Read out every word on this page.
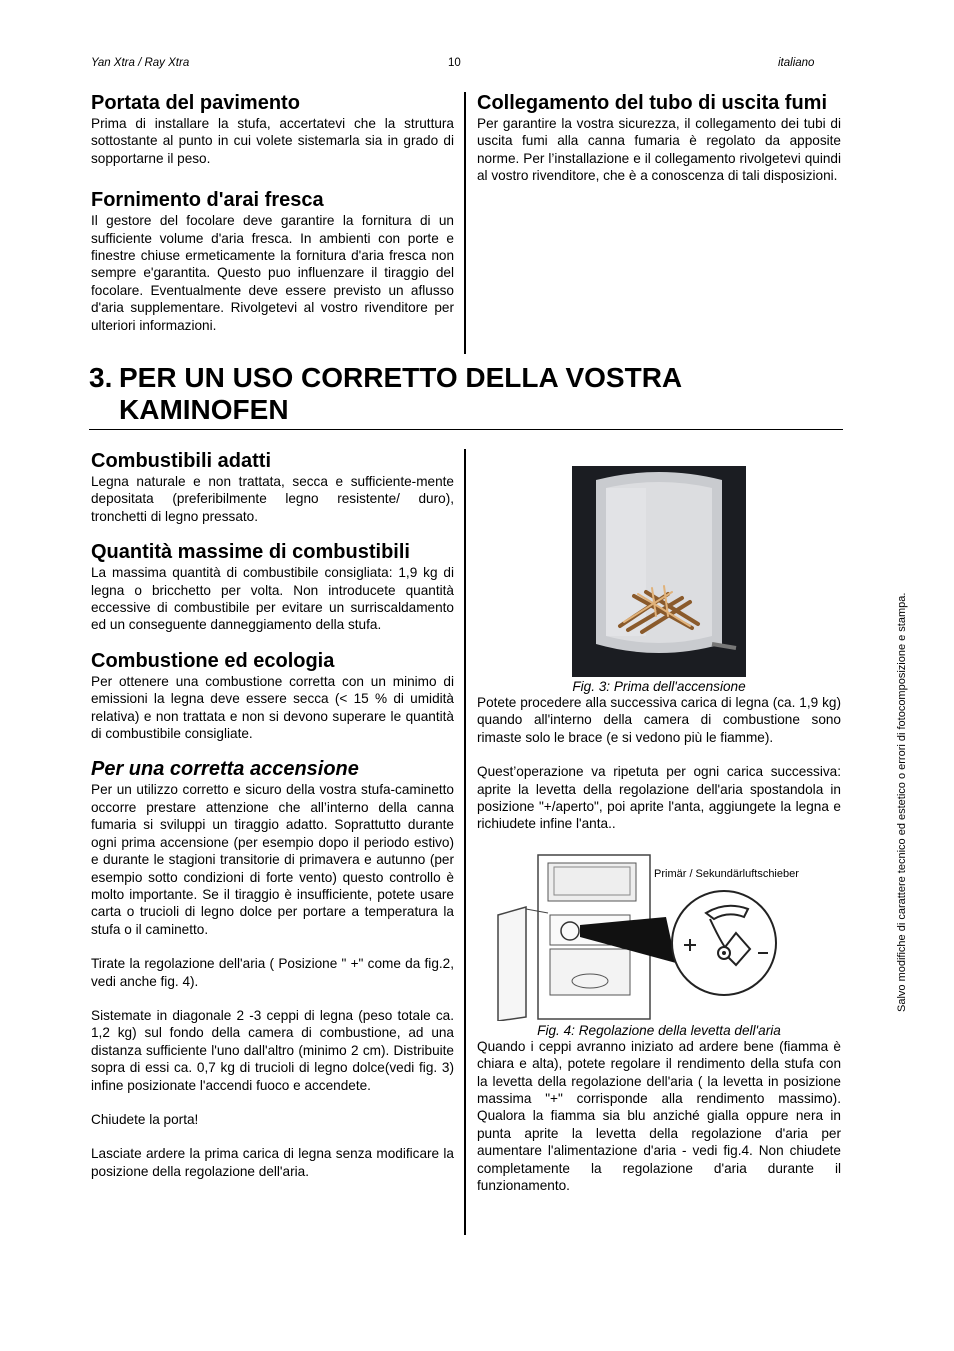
Yan Xtra / Ray Xtra	10	italiano
Portata del pavimento

Prima di installare la stufa, accertatevi che la struttura sottostante al punto in cui volete sistemarla sia in grado di sopportarne il peso.

Fornimento d'arai fresca

Il gestore del focolare deve garantire la fornitura di un sufficiente volume d'aria fresca. In ambienti con porte e finestre chiuse ermeticamente la fornitura d'aria fresca non sempre e'garantita. Questo puo influenzare il tiraggio del focolare. Eventualmente deve essere previsto un aflusso d'aria supplementare. Rivolgetevi al vostro rivenditore per ulteriori informazioni.

Collegamento del tubo di uscita fumi

Per garantire la vostra sicurezza, il collegamento dei tubi di uscita fumi alla canna fumaria è regolato da apposite norme. Per l’installazione e il collegamento rivolgetevi quindi al vostro rivenditore, che è a conoscenza di tali disposizioni.

3. PER UN USO CORRETTO DELLA VOSTRA
KAMINOFEN
Combustibili adatti

Legna naturale e non trattata, secca e sufficiente-mente depositata (preferibilmente legno resistente/ duro), tronchetti di legno pressato.

Quantità massime di combustibili

La massima quantità di combustibile consigliata: 1,9 kg di legna o bricchetto per volta. Non introducete quantità eccessive di combustibile per evitare un surriscaldamento ed un conseguente danneggiamento della stufa.

Combustione ed ecologia

Per ottenere una combustione corretta con un minimo di emissioni la legna deve essere secca (< 15 % di umidità relativa) e non trattata e non si devono superare le quantità di combustibile consigliate.

Per una corretta accensione

Per un utilizzo corretto e sicuro della vostra stufa-caminetto occorre prestare attenzione che all’interno della canna fumaria si sviluppi un tiraggio adatto. Soprattutto durante ogni prima accensione (per esempio dopo il periodo estivo) e durante le stagioni transitorie di primavera e autunno (per esempio sotto condizioni di forte vento) questo controllo è molto importante. Se il tiraggio è insufficiente, potete usare carta o trucioli di legno dolce per portare a temperatura la stufa o il caminetto.

Tirate la regolazione dell'aria ( Posizione " +" come da fig.2, vedi anche fig. 4).

Sistemate in diagonale 2 -3 ceppi di legna (peso totale ca. 1,2 kg) sul fondo della camera di combustione, ad una distanza sufficiente l'uno dall'altro (minimo 2 cm). Distribuite sopra di essi ca. 0,7 kg di trucioli di legno dolce(vedi fig. 3) infine posizionate l'accendi fuoco e accendete.

Chiudete la porta!

Lasciate ardere la prima carica di legna senza modificare la posizione della regolazione dell'aria.

Fig. 3: Prima dell'accensione

Potete procedere alla successiva carica di legna (ca. 1,9 kg) quando all'interno della camera di combustione sono rimaste solo le brace (e si vedono più le fiamme).

Quest’operazione va ripetuta per ogni carica successiva: aprite la levetta della regolazione dell'aria spostandola in posizione "+/aperto", poi aprite l'anta, aggiungete la legna e richiudete infine l'anta..

Primär / Sekundärluftschieber

Fig. 4: Regolazione della levetta dell'aria

Quando i ceppi avranno iniziato ad ardere bene (fiamma è chiara e alta), potete regolare il rendimento della stufa con la levetta della regolazione dell'aria ( la levetta in posizione massima "+" corrisponde alla rendimento massimo). Qualora la fiamma sia blu anziché gialla oppure nera in punta aprite la levetta della regolazione d'aria per aumentare l'alimentazione d'aria - vedi fig.4. Non chiudete completamente la regolazione d'aria durante il funzionamento.

Salvo modifiche di carattere tecnico ed estetico o errori di fotocomposizione e stampa.
